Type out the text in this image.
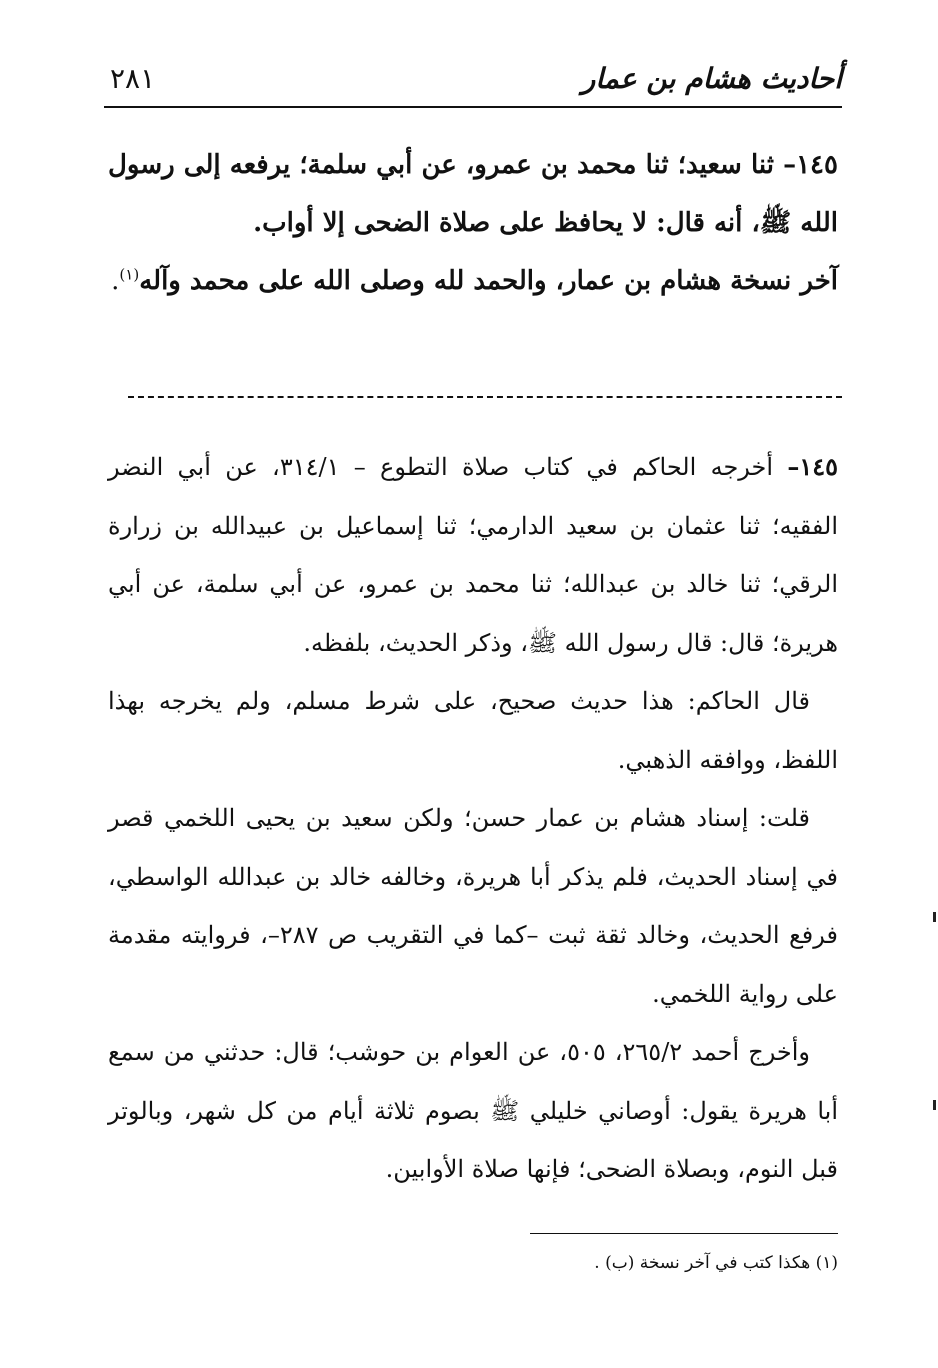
أحاديث هشام بن عمار
٢٨١

١٤٥– ثنا سعيد؛ ثنا محمد بن عمرو، عن أبي سلمة؛ يرفعه إلى رسول الله ﷺ، أنه قال: لا يحافظ على صلاة الضحى إلا أواب.

آخر نسخة هشام بن عمار، والحمد لله وصلى الله على محمد وآله$^{(١)}$.

١٤٥– أخرجه الحاكم في كتاب صلاة التطوع – ٣١٤/١، عن أبي النضر الفقيه؛ ثنا عثمان بن سعيد الدارمي؛ ثنا إسماعيل بن عبيدالله بن زرارة الرقي؛ ثنا خالد بن عبدالله؛ ثنا محمد بن عمرو، عن أبي سلمة، عن أبي هريرة؛ قال: قال رسول الله ﷺ، وذكر الحديث، بلفظه.

قال الحاكم: هذا حديث صحيح، على شرط مسلم، ولم يخرجه بهذا اللفظ، ووافقه الذهبي.

قلت: إسناد هشام بن عمار حسن؛ ولكن سعيد بن يحيى اللخمي قصر في إسناد الحديث، فلم يذكر أبا هريرة، وخالفه خالد بن عبدالله الواسطي، فرفع الحديث، وخالد ثقة ثبت –كما في التقريب ص ٢٨٧–، فروايته مقدمة على رواية اللخمي.

وأخرج أحمد ٢٦٥/٢، ٥٠٥، عن العوام بن حوشب؛ قال: حدثني من سمع أبا هريرة يقول: أوصاني خليلي ﷺ بصوم ثلاثة أيام من كل شهر، وبالوتر قبل النوم، وبصلاة الضحى؛ فإنها صلاة الأوابين.

(١) هكذا كتب في آخر نسخة (ب) .
